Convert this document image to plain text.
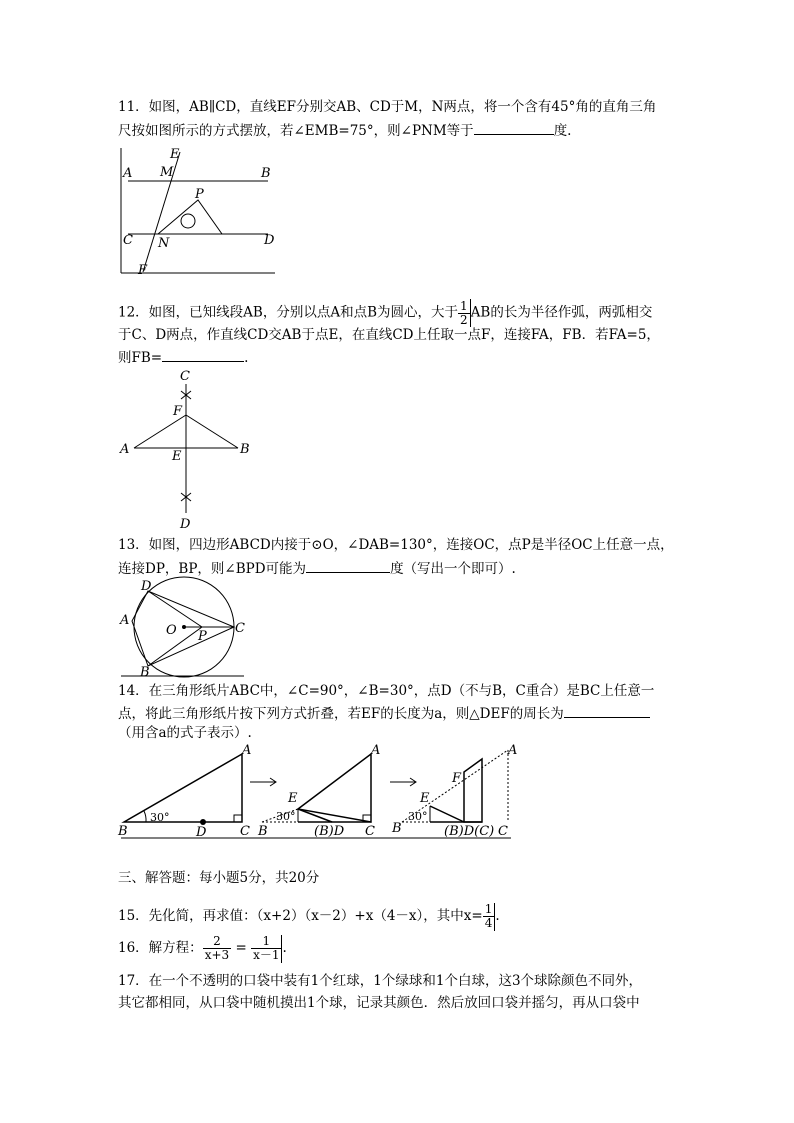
11．如图，AB∥CD，直线EF分别交AB、CD于M，N两点，将一个含有45°角的直角三角
尺按如图所示的方式摆放，若∠EMB=75°，则∠PNM等于	度.
A	B
C	D
E
F
M
N
P
12．如图，已知线段AB，分别以点A和点B为圆心，大于 $\frac{1}{2}$ AB的长为半径作弧，两弧相交
于C、D两点，作直线CD交AB于点E，在直线CD上任取一点F，连接FA，FB．若FA=5，
则FB=	.
C
F
A	E	B
D
13．如图，四边形ABCD内接于⊙O，∠DAB=130°，连接OC，点P是半径OC上任意一点，
连接DP，BP，则∠BPD可能为	度（写出一个即可）.
D
A
O P
C
B
14．在三角形纸片ABC中，∠C=90°，∠B=30°，点D（不与B，C重合）是BC上任意一
点，将此三角形纸片按下列方式折叠，若EF的长度为a，则△DEF的周长为
（用含a的式子表示）.
A
B	C
D
30°
A
E
B	(B)D C
30°
A
F
E
B	(B)D(C) C
30°
三、解答题：每小题5分，共20分
15．先化简，再求值：（x+2）（x－2）+x（4－x），其中$x= \frac{1}{4}$ .
16．解方程： $\frac{2}{x+3} = \frac{1}{x-1}$ .
17．在一个不透明的口袋中装有1个红球，1个绿球和1个白球，这3个球除颜色不同外，
其它都相同，从口袋中随机摸出1个球，记录其颜色．然后放回口袋并摇匀，再从口袋中
